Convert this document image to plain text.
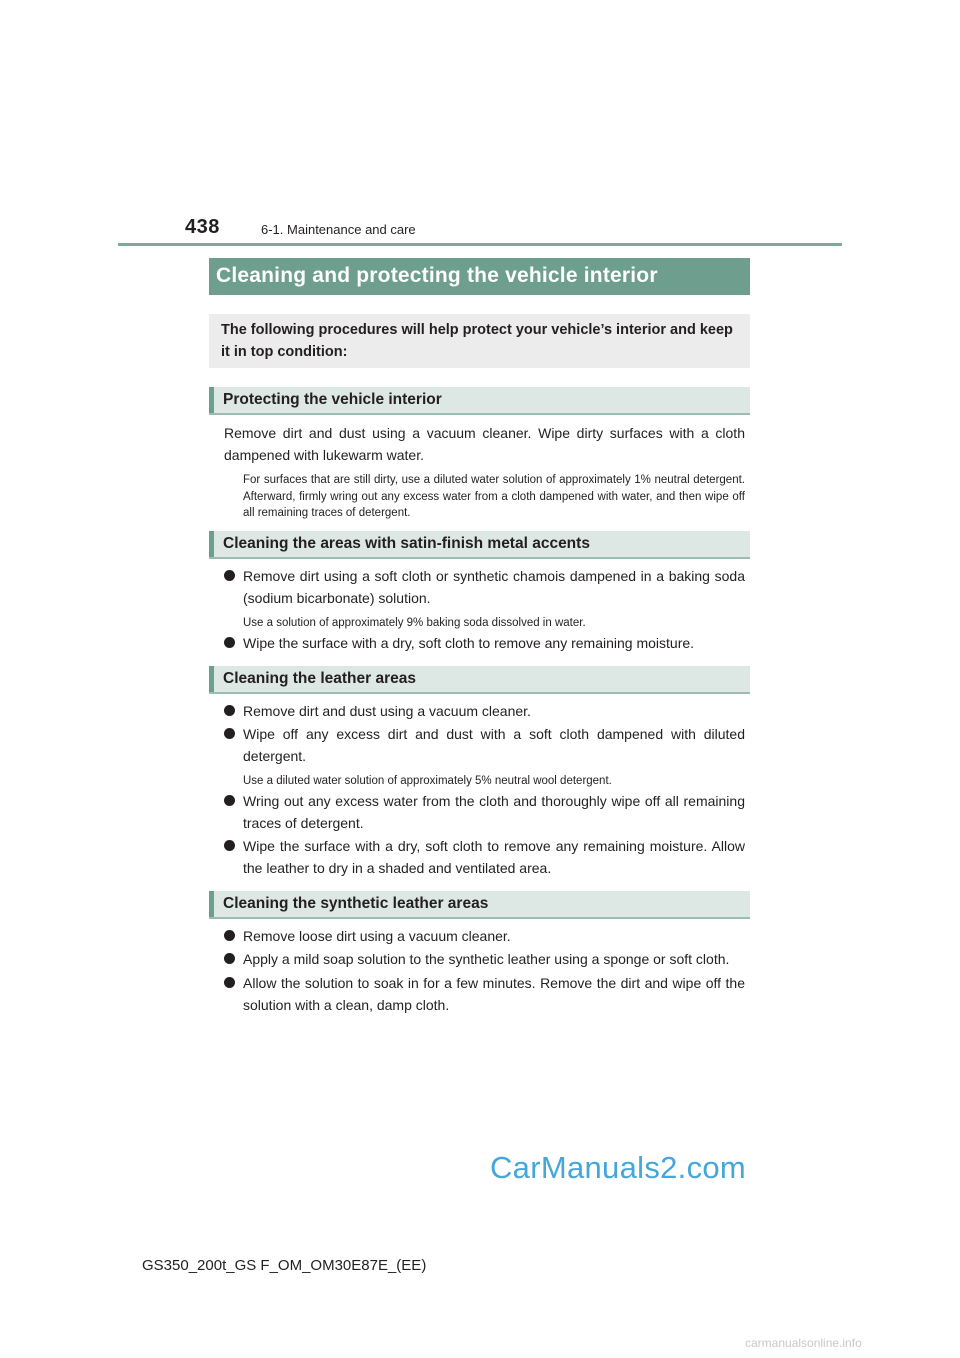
438	6-1. Maintenance and care
Cleaning and protecting the vehicle interior
The following procedures will help protect your vehicle’s interior and keep it in top condition:
Protecting the vehicle interior
Remove dirt and dust using a vacuum cleaner. Wipe dirty surfaces with a cloth dampened with lukewarm water.
For surfaces that are still dirty, use a diluted water solution of approximately 1% neutral detergent. Afterward, firmly wring out any excess water from a cloth dampened with water, and then wipe off all remaining traces of detergent.
Cleaning the areas with satin-finish metal accents
Remove dirt using a soft cloth or synthetic chamois dampened in a baking soda (sodium bicarbonate) solution.
Use a solution of approximately 9% baking soda dissolved in water.
Wipe the surface with a dry, soft cloth to remove any remaining moisture.
Cleaning the leather areas
Remove dirt and dust using a vacuum cleaner.
Wipe off any excess dirt and dust with a soft cloth dampened with diluted detergent.
Use a diluted water solution of approximately 5% neutral wool detergent.
Wring out any excess water from the cloth and thoroughly wipe off all remaining traces of detergent.
Wipe the surface with a dry, soft cloth to remove any remaining moisture. Allow the leather to dry in a shaded and ventilated area.
Cleaning the synthetic leather areas
Remove loose dirt using a vacuum cleaner.
Apply a mild soap solution to the synthetic leather using a sponge or soft cloth.
Allow the solution to soak in for a few minutes. Remove the dirt and wipe off the solution with a clean, damp cloth.
CarManuals2.com
GS350_200t_GS F_OM_OM30E87E_(EE)
carmanualsonline.info
